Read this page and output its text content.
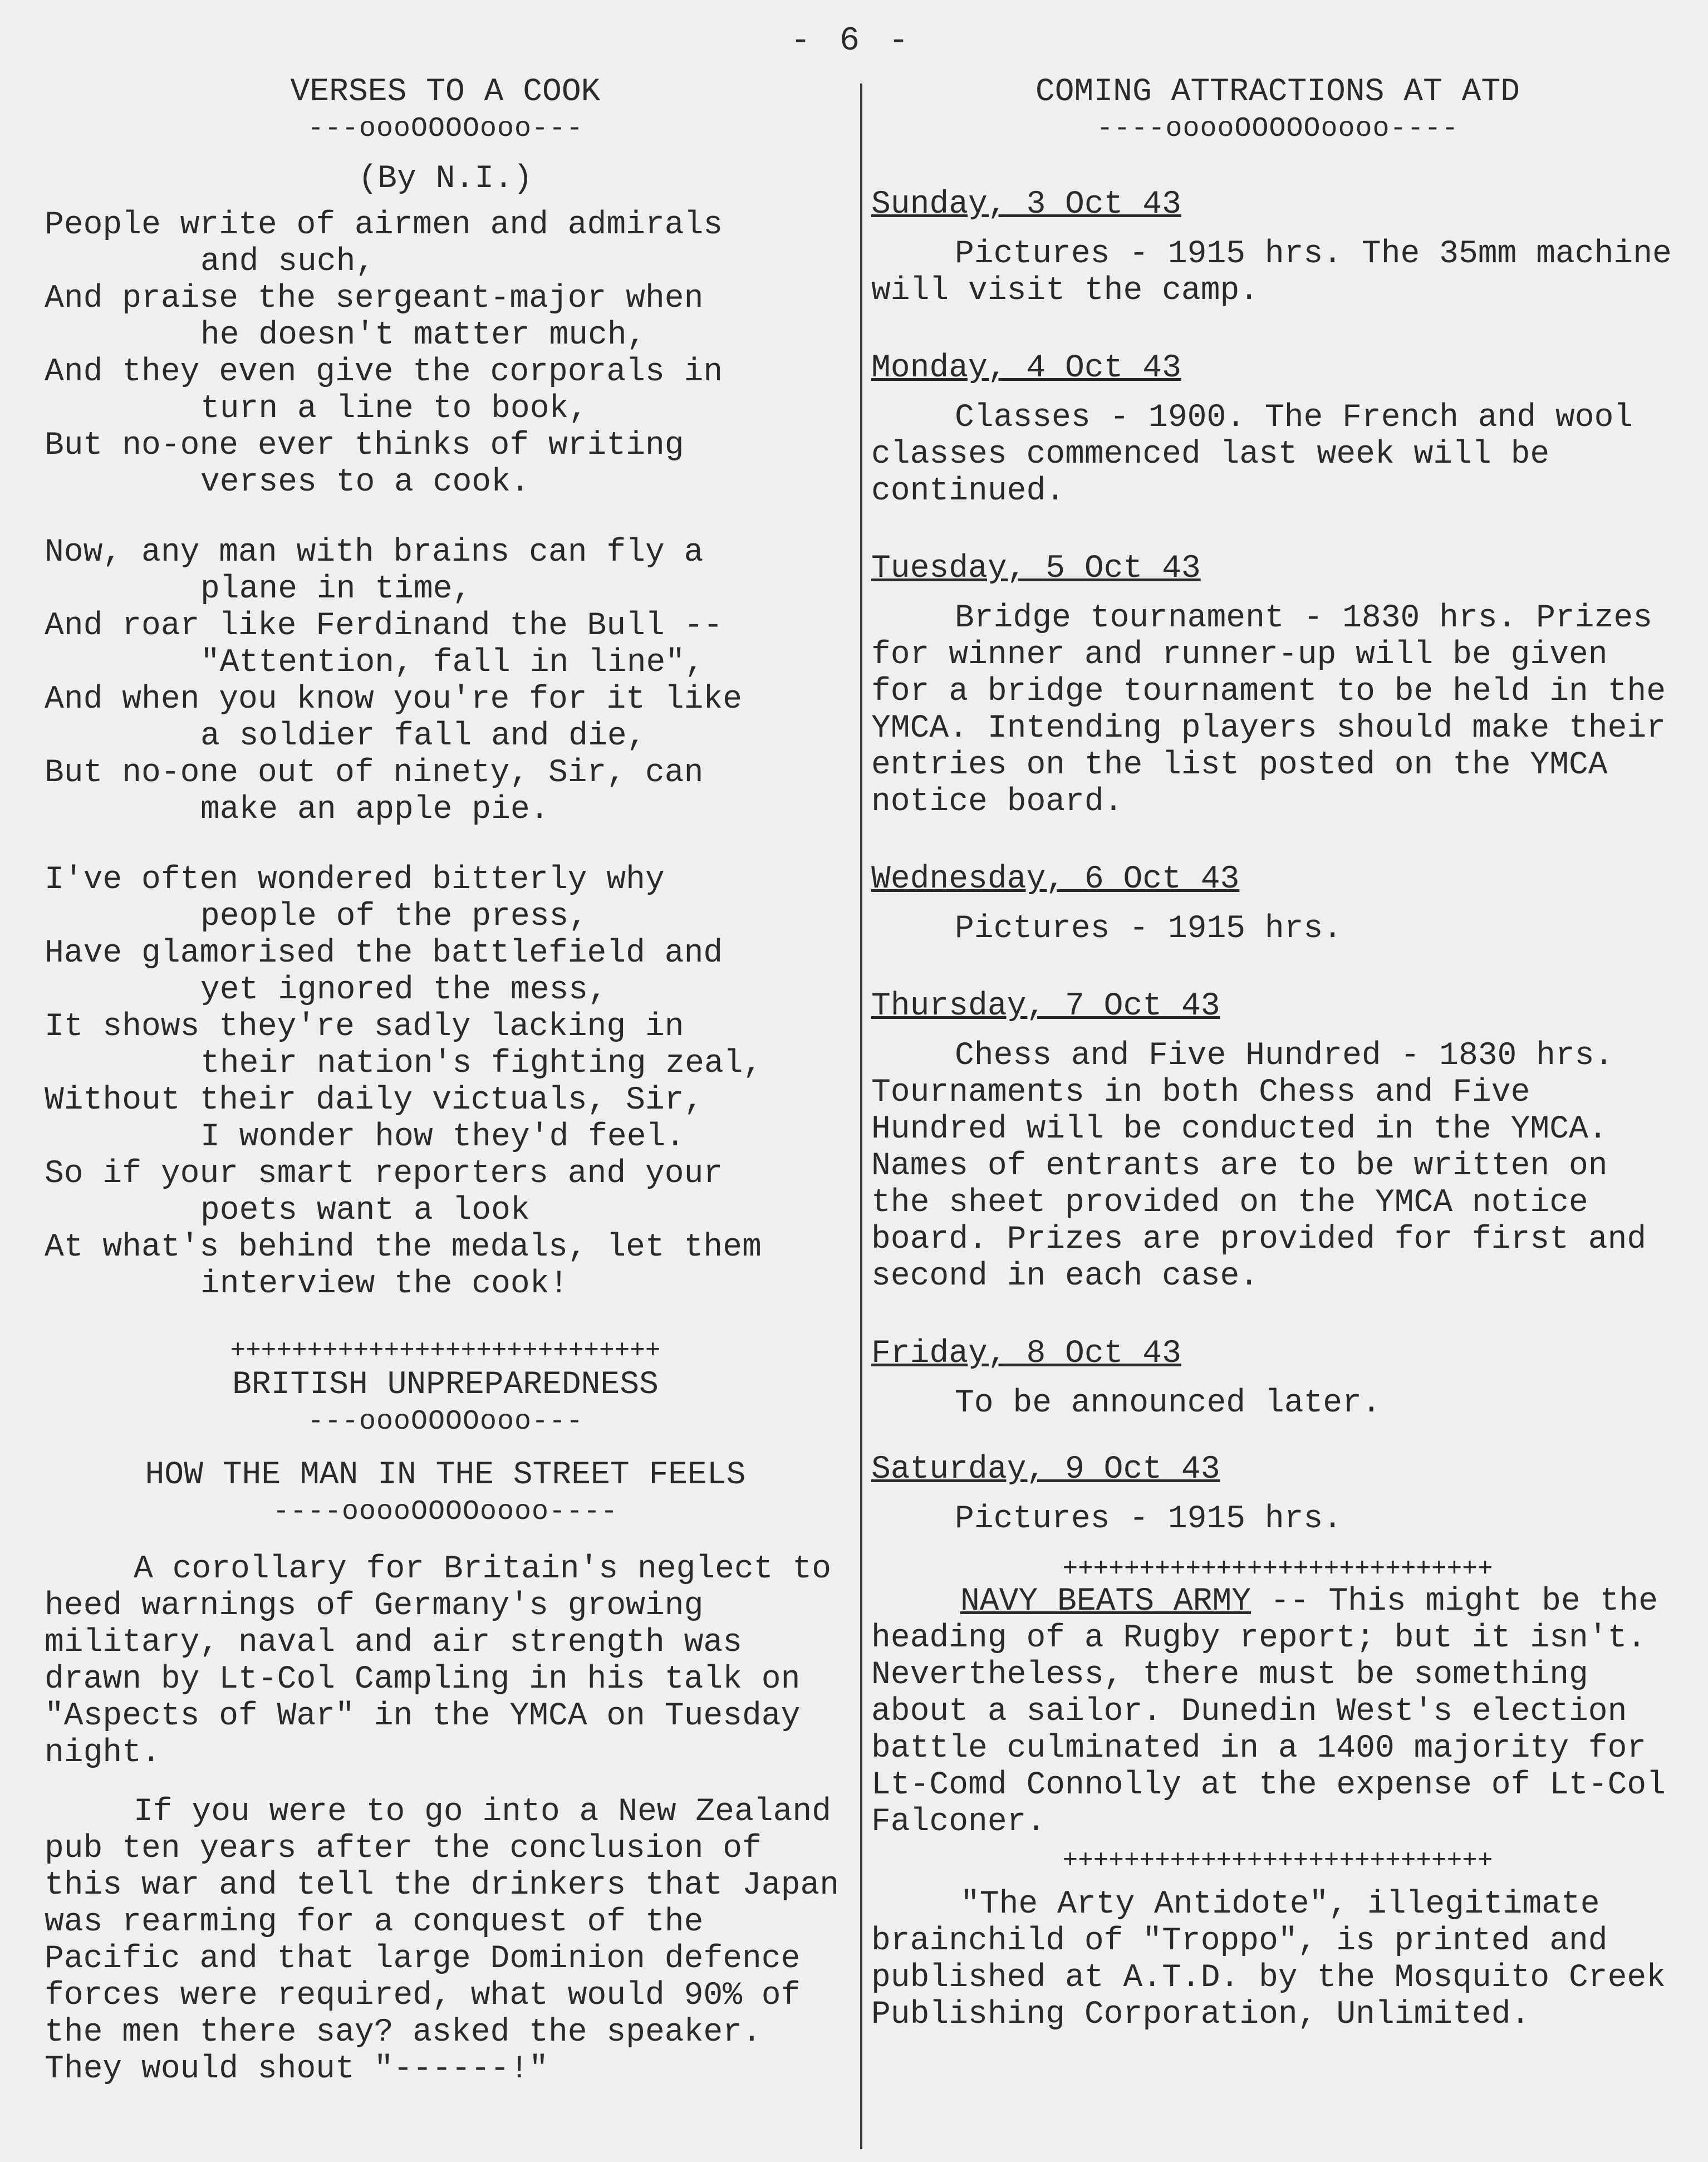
- 6 -
VERSES TO A COOK
---oooOOOOooo---
(By N.I.)
People write of airmen and admirals
and such,
And praise the sergeant-major when
he doesn't matter much,
And they even give the corporals in
turn a line to book,
But no-one ever thinks of writing
verses to a cook.
Now, any man with brains can fly a
plane in time,
And roar like Ferdinand the Bull --
"Attention, fall in line",
And when you know you're for it like
a soldier fall and die,
But no-one out of ninety, Sir, can
make an apple pie.
I've often wondered bitterly why
people of the press,
Have glamorised the battlefield and
yet ignored the mess,
It shows they're sadly lacking in
their nation's fighting zeal,
Without their daily victuals, Sir,
I wonder how they'd feel.
So if your smart reporters and your
poets want a look
At what's behind the medals, let them
interview the cook!
++++++++++++++++++++++++++++
BRITISH UNPREPAREDNESS
---oooOOOOooo---
HOW THE MAN IN THE STREET FEELS
----ooooOOOOoooo----

A corollary for Britain's neglect to heed warnings of Germany's growing military, naval and air strength was drawn by Lt-Col Campling in his talk on "Aspects of War" in the YMCA on Tuesday night.

If you were to go into a New Zealand pub ten years after the conclusion of this war and tell the drinkers that Japan was rearming for a conquest of the Pacific and that large Dominion defence forces were required, what would 90% of the men there say? asked the speaker. They would shout "------!"

COMING ATTRACTIONS AT ATD
----ooooOOOOOoooo----
Sunday, 3 Oct 43
Pictures - 1915 hrs. The 35mm machine will visit the camp.
Monday, 4 Oct 43
Classes - 1900. The French and wool classes commenced last week will be continued.
Tuesday, 5 Oct 43
Bridge tournament - 1830 hrs. Prizes for winner and runner-up will be given for a bridge tournament to be held in the YMCA. Intending players should make their entries on the list posted on the YMCA notice board.
Wednesday, 6 Oct 43
Pictures - 1915 hrs.
Thursday, 7 Oct 43
Chess and Five Hundred - 1830 hrs. Tournaments in both Chess and Five Hundred will be conducted in the YMCA. Names of entrants are to be written on the sheet provided on the YMCA notice board. Prizes are provided for first and second in each case.
Friday, 8 Oct 43
To be announced later.
Saturday, 9 Oct 43
Pictures - 1915 hrs.
++++++++++++++++++++++++++++

NAVY BEATS ARMY -- This might be the heading of a Rugby report; but it isn't. Nevertheless, there must be something about a sailor. Dunedin West's election battle culminated in a 1400 majority for Lt-Comd Connolly at the expense of Lt-Col Falconer.

++++++++++++++++++++++++++++

"The Arty Antidote", illegitimate brainchild of "Troppo", is printed and published at A.T.D. by the Mosquito Creek Publishing Corporation, Unlimited.
